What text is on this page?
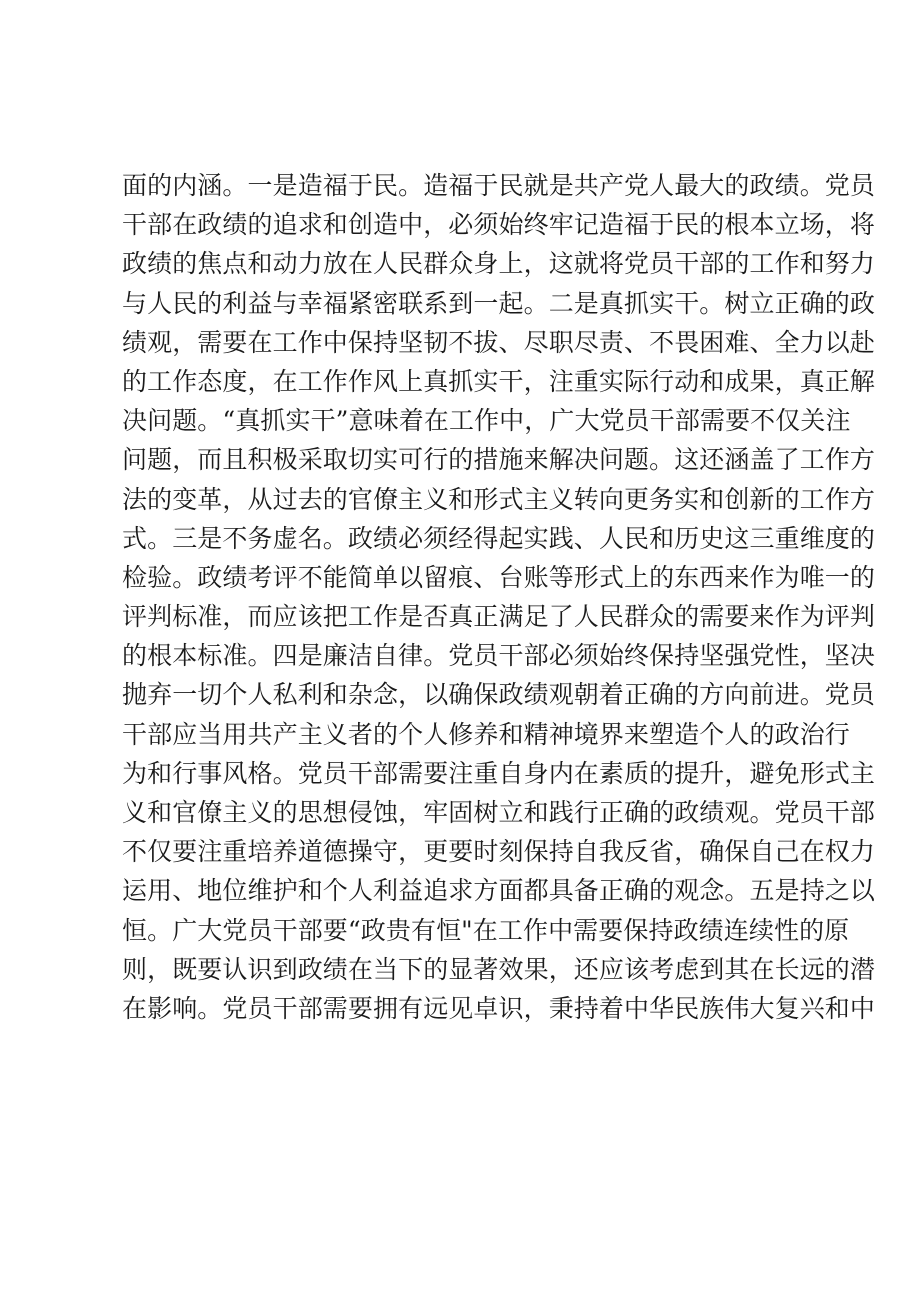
面的内涵。一是造福于民。造福于民就是共产党人最大的政绩。党员
干部在政绩的追求和创造中，必须始终牢记造福于民的根本立场，将
政绩的焦点和动力放在人民群众身上，这就将党员干部的工作和努力
与人民的利益与幸福紧密联系到一起。二是真抓实干。树立正确的政
绩观，需要在工作中保持坚韧不拔、尽职尽责、不畏困难、全力以赴
的工作态度，在工作作风上真抓实干，注重实际行动和成果，真正解
决问题。“真抓实干”意味着在工作中，广大党员干部需要不仅关注
问题，而且积极采取切实可行的措施来解决问题。这还涵盖了工作方
法的变革，从过去的官僚主义和形式主义转向更务实和创新的工作方
式。三是不务虚名。政绩必须经得起实践、人民和历史这三重维度的
检验。政绩考评不能简单以留痕、台账等形式上的东西来作为唯一的
评判标准，而应该把工作是否真正满足了人民群众的需要来作为评判
的根本标准。四是廉洁自律。党员干部必须始终保持坚强党性，坚决
抛弃一切个人私利和杂念，以确保政绩观朝着正确的方向前进。党员
干部应当用共产主义者的个人修养和精神境界来塑造个人的政治行
为和行事风格。党员干部需要注重自身内在素质的提升，避免形式主
义和官僚主义的思想侵蚀，牢固树立和践行正确的政绩观。党员干部
不仅要注重培养道德操守，更要时刻保持自我反省，确保自己在权力
运用、地位维护和个人利益追求方面都具备正确的观念。五是持之以
恒。广大党员干部要“政贵有恒"在工作中需要保持政绩连续性的原
则，既要认识到政绩在当下的显著效果，还应该考虑到其在长远的潜
在影响。党员干部需要拥有远见卓识，秉持着中华民族伟大复兴和中
